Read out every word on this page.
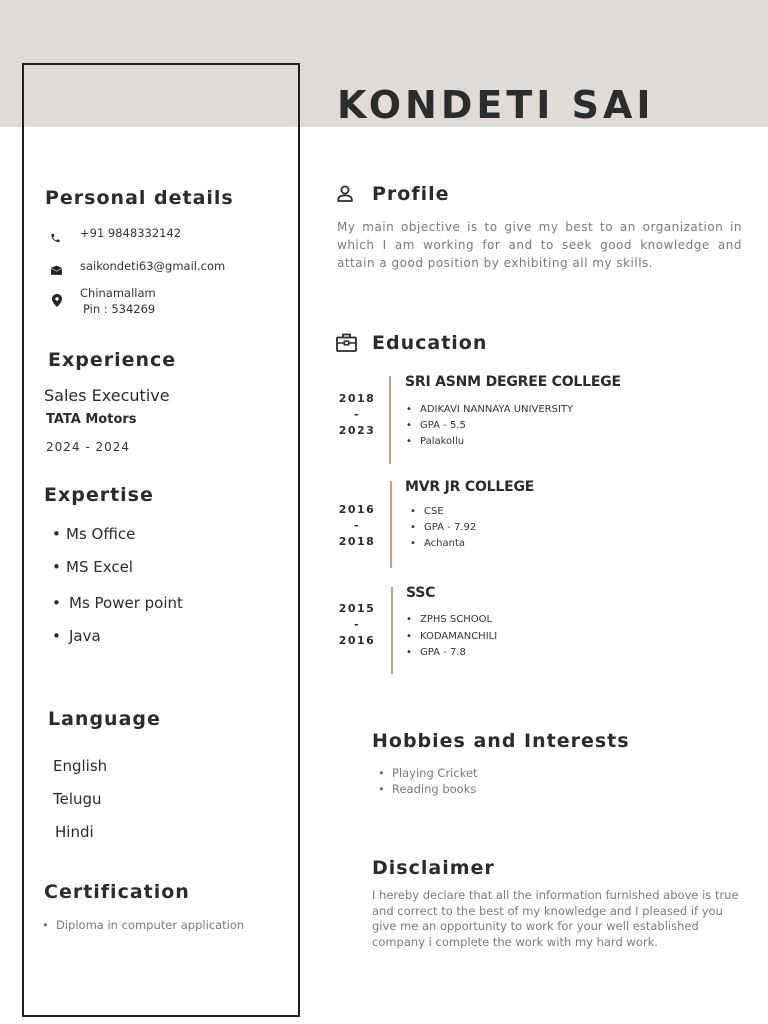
KONDETI SAI
Personal details
+91 9848332142
saikondeti63@gmail.com
Chinamallam
Pin : 534269
Experience
Sales Executive
TATA Motors
2024 - 2024
Expertise
• Ms Office
• MS Excel
• Ms Power point
• Java
Language
English
Telugu
Hindi
Certification
• Diploma in computer application
Profile
My main objective is to give my best to an organization in which I am working for and to seek good knowledge and attain a good position by exhibiting all my skills.
Education
2018
-
2023
SRI ASNM DEGREE COLLEGE
• ADIKAVI NANNAYA UNIVERSITY
• GPA - 5.5
• Palakollu
2016
-
2018
MVR JR COLLEGE
• CSE
• GPA - 7.92
• Achanta
2015
-
2016
SSC
• ZPHS SCHOOL
• KODAMANCHILI
• GPA - 7.8
Hobbies and Interests
• Playing Cricket
• Reading books
Disclaimer
I hereby declare that all the information furnished above is true and correct to the best of my knowledge and I pleased if you give me an opportunity to work for your well established company i complete the work with my hard work.
